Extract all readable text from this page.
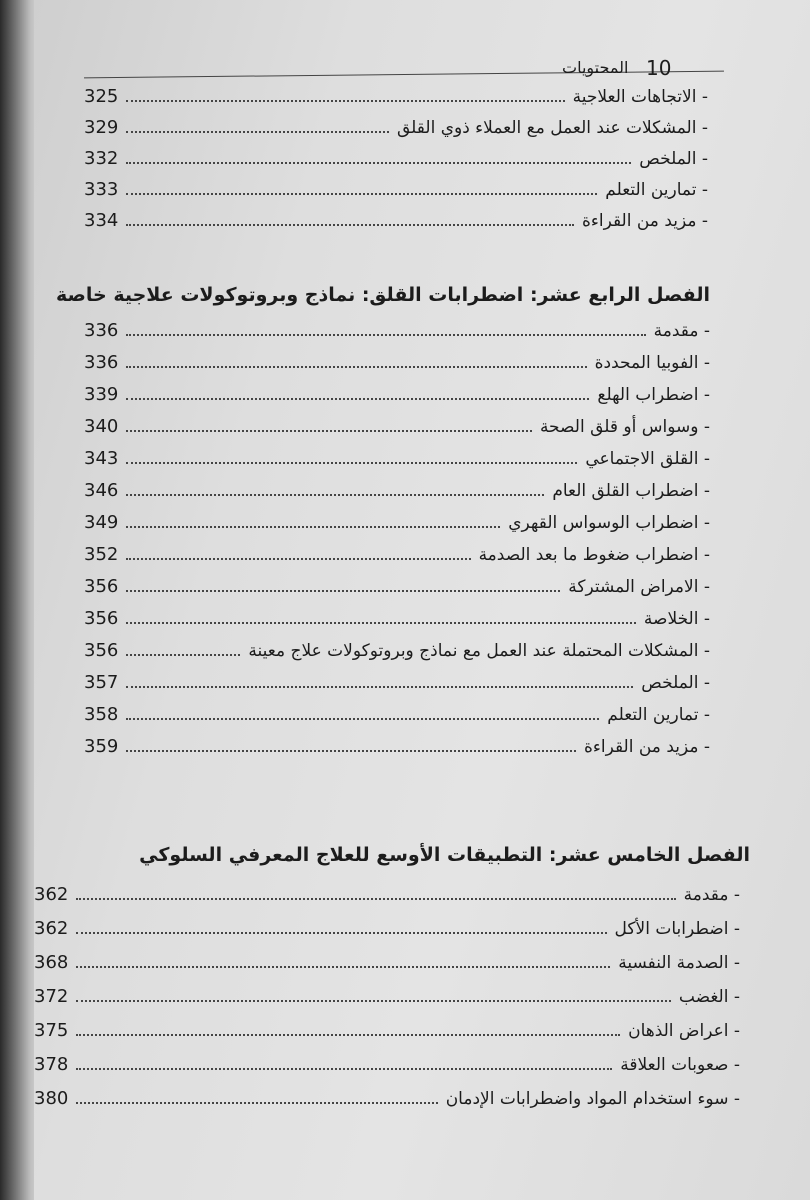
10
المحتويات
- الاتجاهات العلاجية
325
- المشكلات عند العمل مع العملاء ذوي القلق
329
- الملخص
332
- تمارين التعلم
333
- مزيد من القراءة
334
الفصل الرابع عشر: اضطرابات القلق: نماذج وبروتوكولات علاجية خاصة
- مقدمة
336
- الفوبيا المحددة
336
- اضطراب الهلع
339
- وسواس أو قلق الصحة
340
- القلق الاجتماعي
343
- اضطراب القلق العام
346
- اضطراب الوسواس القهري
349
- اضطراب ضغوط ما بعد الصدمة
352
- الامراض المشتركة
356
- الخلاصة
356
- المشكلات المحتملة عند العمل مع نماذج وبروتوكولات علاج معينة
356
- الملخص
357
- تمارين التعلم
358
- مزيد من القراءة
359
الفصل الخامس عشر: التطبيقات الأوسع للعلاج المعرفي السلوكي
- مقدمة
362
- اضطرابات الأكل
362
- الصدمة النفسية
368
- الغضب
372
- اعراض الذهان
375
- صعوبات العلاقة
378
- سوء استخدام المواد واضطرابات الإدمان
380
